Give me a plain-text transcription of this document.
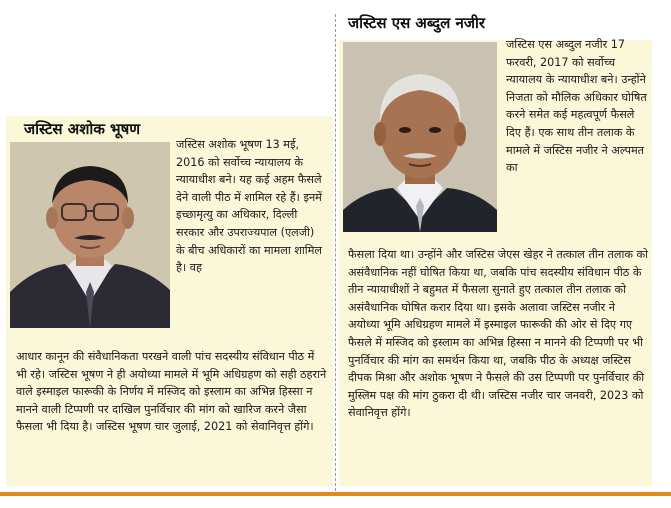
जस्टिस अशोक भूषण

जस्टिस अशोक भूषण 13 मई, 2016 को सर्वोच्च न्यायालय के न्यायाधीश बने। यह कई अहम फैसले देने वाली पीठ में शामिल रहे हैं। इनमें इच्छामृत्यु का अधिकार, दिल्ली सरकार और उपराज्यपाल (एलजी) के बीच अधिकारों का मामला शामिल है। वह

आधार कानून की संवैधानिकता परखने वाली पांच सदस्यीय संविधान पीठ में भी रहे। जस्टिस भूषण ने ही अयोध्या मामले में भूमि अधिग्रहण को सही ठहराने वाले इस्माइल फारूकी के निर्णय में मस्जिद को इस्लाम का अभिन्न हिस्सा न मानने वाली टिप्पणी पर दाखिल पुनर्विचार की मांग को खारिज करने जैसा फैसला भी दिया है। जस्टिस भूषण चार जुलाई, 2021 को सेवानिवृत्त होंगे।

जस्टिस एस अब्दुल नजीर

जस्टिस एस अब्दुल नजीर 17 फरवरी, 2017 को सर्वोच्च न्यायालय के न्यायाधीश बने। उन्होंने निजता को मौलिक अधिकार घोषित करने समेत कई महत्वपूर्ण फैसले दिए हैं। एक साथ तीन तलाक के मामले में जस्टिस नजीर ने अल्पमत का

फैसला दिया था। उन्होंने और जस्टिस जेएस खेहर ने तत्काल तीन तलाक को असंवैधानिक नहीं घोषित किया था, जबकि पांच सदस्यीय संविधान पीठ के तीन न्यायाधीशों ने बहुमत में फैसला सुनाते हुए तत्काल तीन तलाक को असंवैधानिक घोषित करार दिया था। इसके अलावा जस्टिस नजीर ने अयोध्या भूमि अधिग्रहण मामले में इस्माइल फारूकी की ओर से दिए गए फैसले में मस्जिद को इस्लाम का अभिन्न हिस्सा न मानने की टिप्पणी पर भी पुनर्विचार की मांग का समर्थन किया था, जबकि पीठ के अध्यक्ष जस्टिस दीपक मिश्रा और अशोक भूषण ने फैसले की उस टिप्पणी पर पुनर्विचार की मुस्लिम पक्ष की मांग ठुकरा दी थी। जस्टिस नजीर चार जनवरी, 2023 को सेवानिवृत्त होंगे।
